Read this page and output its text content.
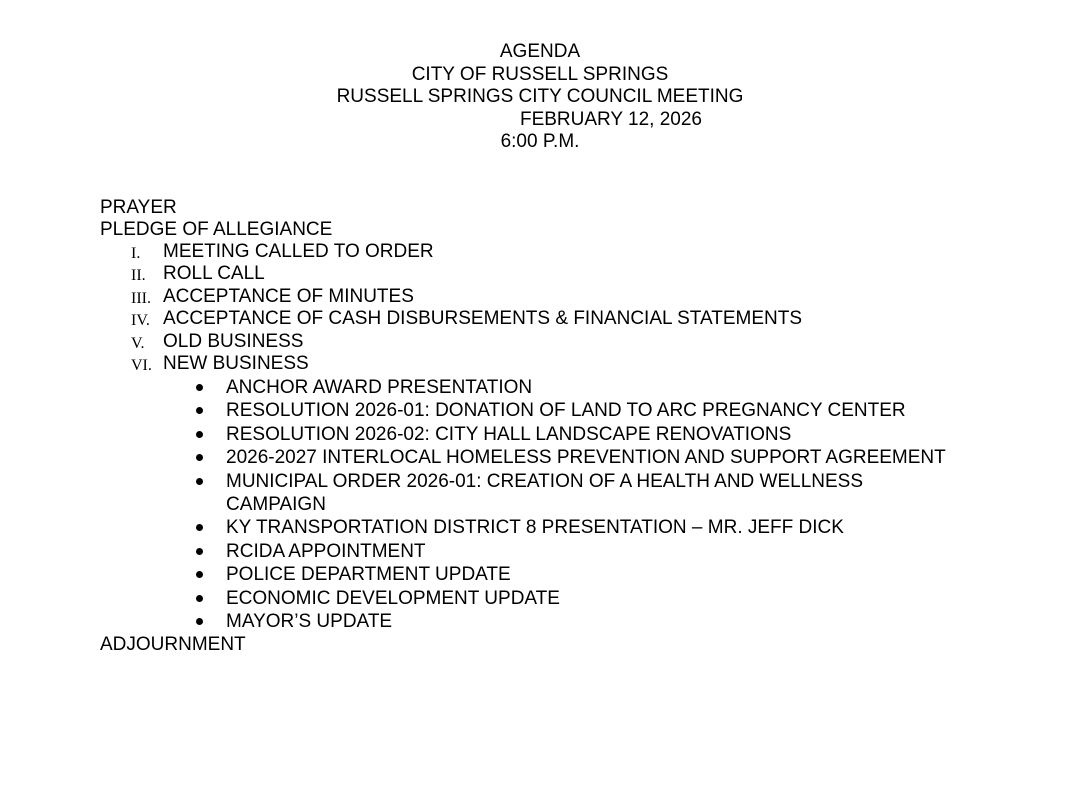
AGENDA
CITY OF RUSSELL SPRINGS
RUSSELL SPRINGS CITY COUNCIL MEETING
FEBRUARY 12, 2026
6:00 P.M.
PRAYER
PLEDGE OF ALLEGIANCE
I. MEETING CALLED TO ORDER
II. ROLL CALL
III. ACCEPTANCE OF MINUTES
IV. ACCEPTANCE OF CASH DISBURSEMENTS & FINANCIAL STATEMENTS
V. OLD BUSINESS
VI. NEW BUSINESS
ANCHOR AWARD PRESENTATION
RESOLUTION 2026-01: DONATION OF LAND TO ARC PREGNANCY CENTER
RESOLUTION 2026-02: CITY HALL LANDSCAPE RENOVATIONS
2026-2027 INTERLOCAL HOMELESS PREVENTION AND SUPPORT AGREEMENT
MUNICIPAL ORDER 2026-01: CREATION OF A HEALTH AND WELLNESS CAMPAIGN
KY TRANSPORTATION DISTRICT 8 PRESENTATION – MR. JEFF DICK
RCIDA APPOINTMENT
POLICE DEPARTMENT UPDATE
ECONOMIC DEVELOPMENT UPDATE
MAYOR’S UPDATE
ADJOURNMENT
